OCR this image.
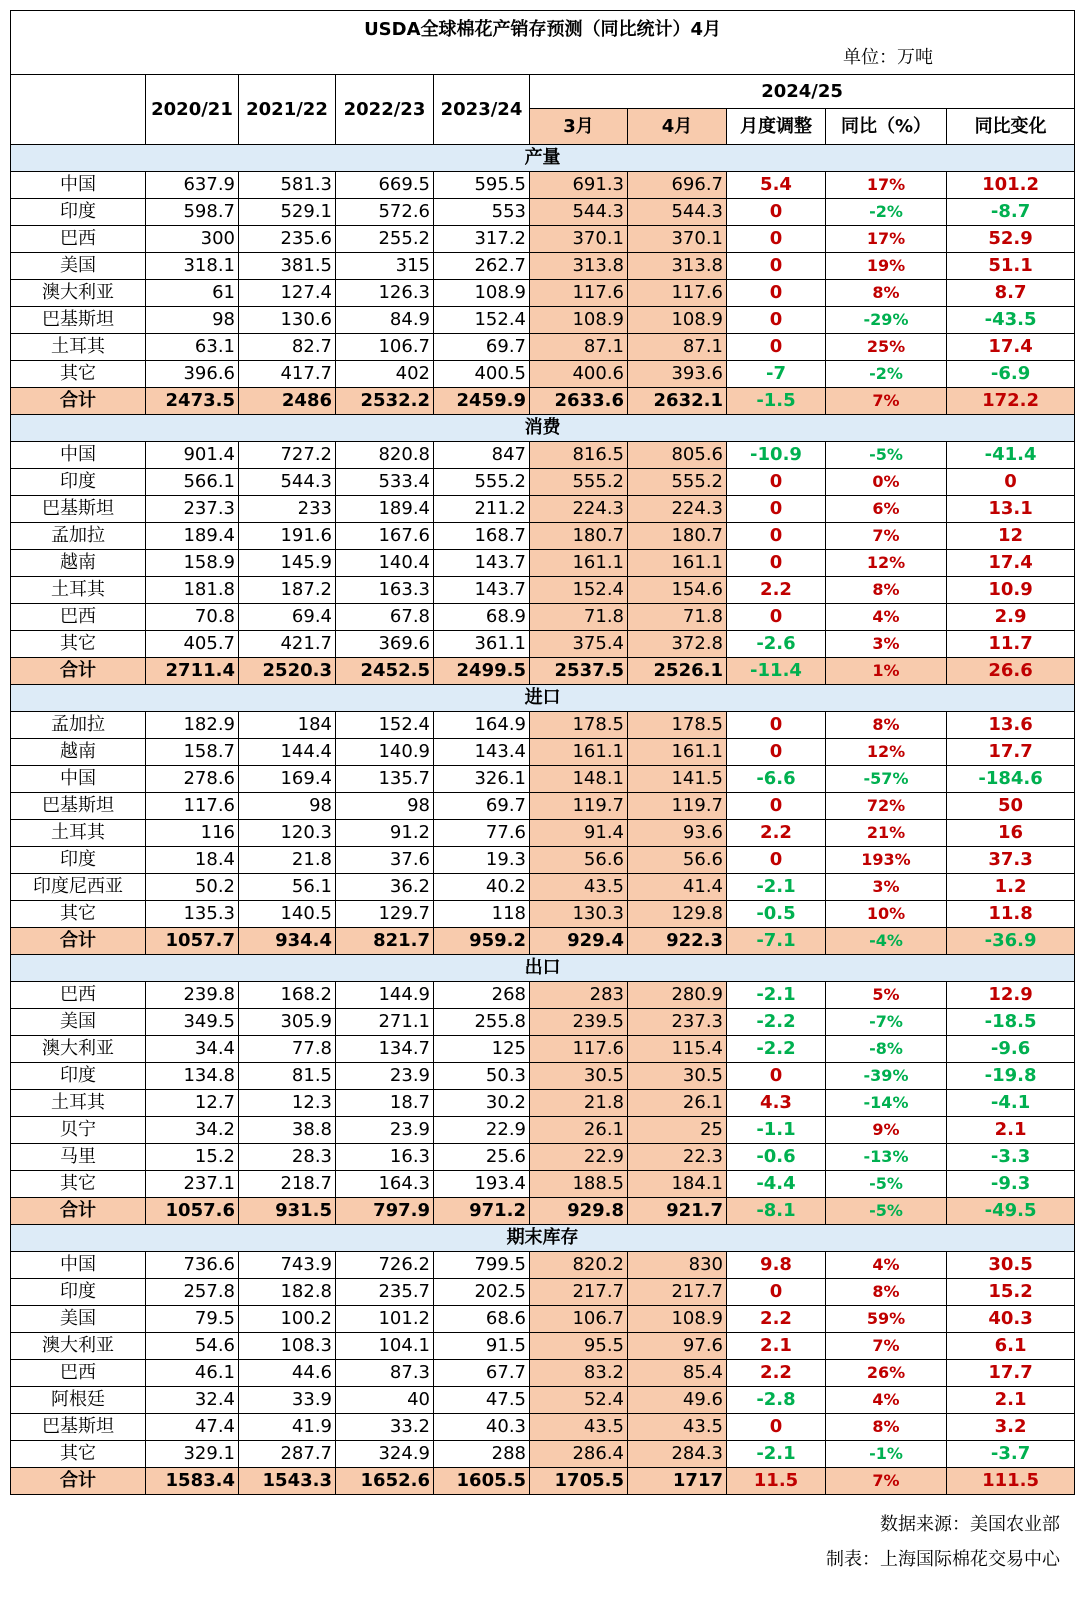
USDA全球棉花产销存预测（同比统计）4月
单位：万吨									

	2020/21	2021/22	2022/23	2023/24	2024/25				
					3月	4月	月度调整	同比（%）	同比变化
产量									
中国	637.9	581.3	669.5	595.5	691.3	696.7	5.4	17%	101.2
印度	598.7	529.1	572.6	553	544.3	544.3	0	-2%	-8.7
巴西	300	235.6	255.2	317.2	370.1	370.1	0	17%	52.9
美国	318.1	381.5	315	262.7	313.8	313.8	0	19%	51.1
澳大利亚	61	127.4	126.3	108.9	117.6	117.6	0	8%	8.7
巴基斯坦	98	130.6	84.9	152.4	108.9	108.9	0	-29%	-43.5
土耳其	63.1	82.7	106.7	69.7	87.1	87.1	0	25%	17.4
其它	396.6	417.7	402	400.5	400.6	393.6	-7	-2%	-6.9
合计	2473.5	2486	2532.2	2459.9	2633.6	2632.1	-1.5	7%	172.2
消费									
中国	901.4	727.2	820.8	847	816.5	805.6	-10.9	-5%	-41.4
印度	566.1	544.3	533.4	555.2	555.2	555.2	0	0%	0
巴基斯坦	237.3	233	189.4	211.2	224.3	224.3	0	6%	13.1
孟加拉	189.4	191.6	167.6	168.7	180.7	180.7	0	7%	12
越南	158.9	145.9	140.4	143.7	161.1	161.1	0	12%	17.4
土耳其	181.8	187.2	163.3	143.7	152.4	154.6	2.2	8%	10.9
巴西	70.8	69.4	67.8	68.9	71.8	71.8	0	4%	2.9
其它	405.7	421.7	369.6	361.1	375.4	372.8	-2.6	3%	11.7
合计	2711.4	2520.3	2452.5	2499.5	2537.5	2526.1	-11.4	1%	26.6
进口									
孟加拉	182.9	184	152.4	164.9	178.5	178.5	0	8%	13.6
越南	158.7	144.4	140.9	143.4	161.1	161.1	0	12%	17.7
中国	278.6	169.4	135.7	326.1	148.1	141.5	-6.6	-57%	-184.6
巴基斯坦	117.6	98	98	69.7	119.7	119.7	0	72%	50
土耳其	116	120.3	91.2	77.6	91.4	93.6	2.2	21%	16
印度	18.4	21.8	37.6	19.3	56.6	56.6	0	193%	37.3
印度尼西亚	50.2	56.1	36.2	40.2	43.5	41.4	-2.1	3%	1.2
其它	135.3	140.5	129.7	118	130.3	129.8	-0.5	10%	11.8
合计	1057.7	934.4	821.7	959.2	929.4	922.3	-7.1	-4%	-36.9
出口									
巴西	239.8	168.2	144.9	268	283	280.9	-2.1	5%	12.9
美国	349.5	305.9	271.1	255.8	239.5	237.3	-2.2	-7%	-18.5
澳大利亚	34.4	77.8	134.7	125	117.6	115.4	-2.2	-8%	-9.6
印度	134.8	81.5	23.9	50.3	30.5	30.5	0	-39%	-19.8
土耳其	12.7	12.3	18.7	30.2	21.8	26.1	4.3	-14%	-4.1
贝宁	34.2	38.8	23.9	22.9	26.1	25	-1.1	9%	2.1
马里	15.2	28.3	16.3	25.6	22.9	22.3	-0.6	-13%	-3.3
其它	237.1	218.7	164.3	193.4	188.5	184.1	-4.4	-5%	-9.3
合计	1057.6	931.5	797.9	971.2	929.8	921.7	-8.1	-5%	-49.5
期末库存									
中国	736.6	743.9	726.2	799.5	820.2	830	9.8	4%	30.5
印度	257.8	182.8	235.7	202.5	217.7	217.7	0	8%	15.2
美国	79.5	100.2	101.2	68.6	106.7	108.9	2.2	59%	40.3
澳大利亚	54.6	108.3	104.1	91.5	95.5	97.6	2.1	7%	6.1
巴西	46.1	44.6	87.3	67.7	83.2	85.4	2.2	26%	17.7
阿根廷	32.4	33.9	40	47.5	52.4	49.6	-2.8	4%	2.1
巴基斯坦	47.4	41.9	33.2	40.3	43.5	43.5	0	8%	3.2
其它	329.1	287.7	324.9	288	286.4	284.3	-2.1	-1%	-3.7
合计	1583.4	1543.3	1652.6	1605.5	1705.5	1717	11.5	7%	111.5
数据来源：美国农业部
制表：上海国际棉花交易中心
